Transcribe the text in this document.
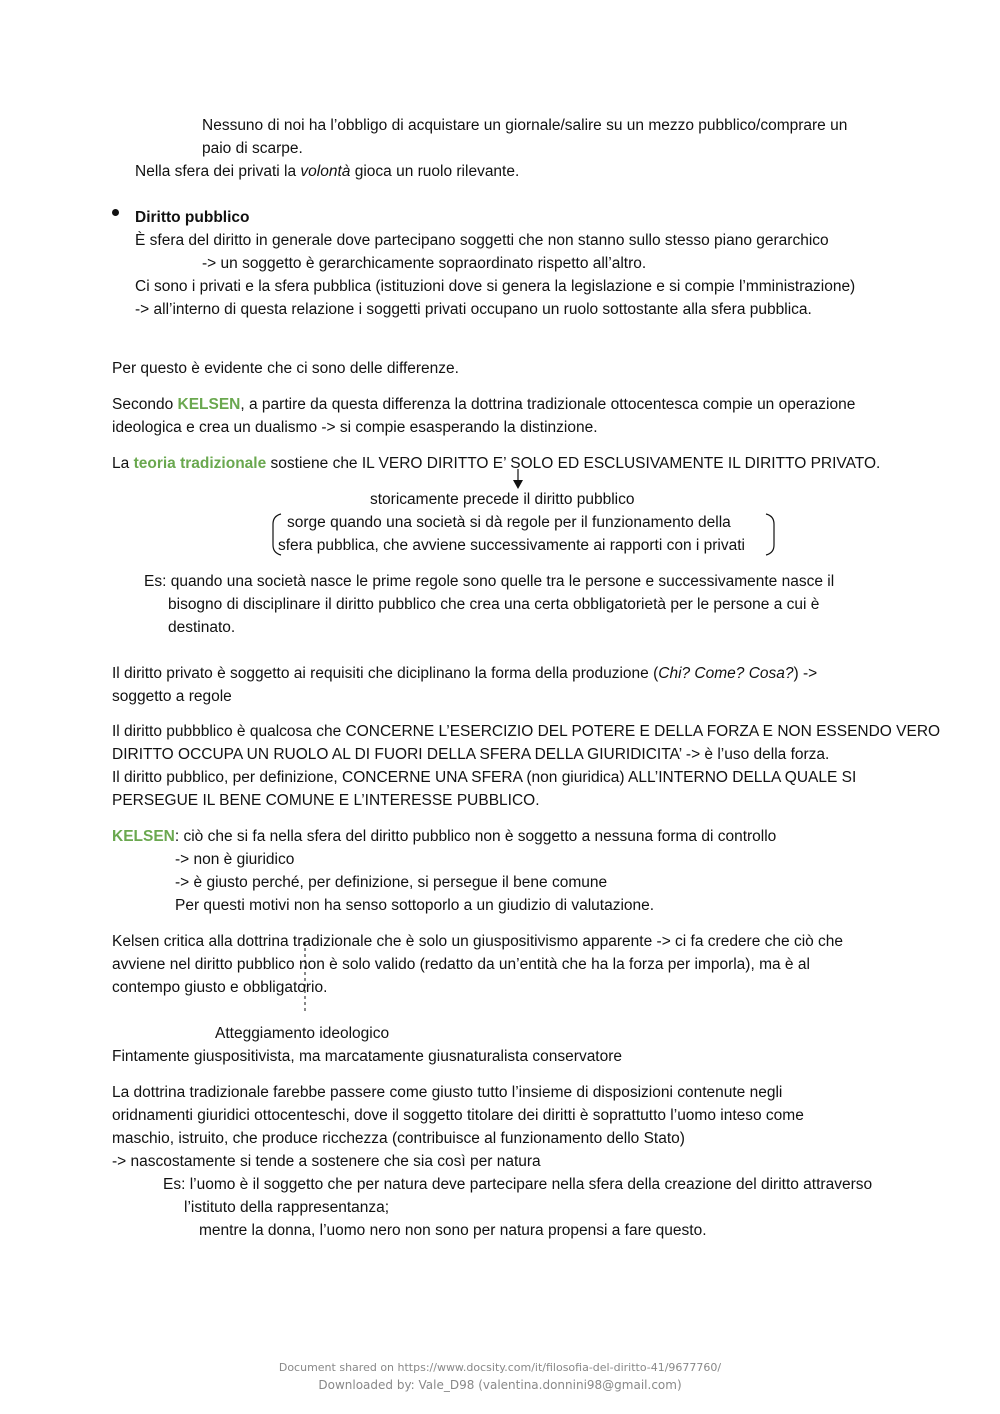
Nessuno di noi ha l’obbligo di acquistare un giornale/salire su un mezzo pubblico/comprare un
paio di scarpe.
Nella sfera dei privati la volontà gioca un ruolo rilevante.
Diritto pubblico
È sfera del diritto in generale dove partecipano soggetti che non stanno sullo stesso piano gerarchico
-> un soggetto è gerarchicamente sopraordinato rispetto all’altro.
Ci sono i privati e la sfera pubblica (istituzioni dove si genera la legislazione e si compie l’mministrazione)
-> all’interno di questa relazione i soggetti privati occupano un ruolo sottostante alla sfera pubblica.
Per questo è evidente che ci sono delle differenze.
Secondo KELSEN, a partire da questa differenza la dottrina tradizionale ottocentesca compie un operazione
ideologica e crea un dualismo -> si compie esasperando la distinzione.
La teoria tradizionale sostiene che IL VERO DIRITTO E’ SOLO ED ESCLUSIVAMENTE IL DIRITTO PRIVATO.
storicamente precede il diritto pubblico
sorge quando una società si dà regole per il funzionamento della
sfera pubblica, che avviene successivamente ai rapporti con i privati
Es: quando una società nasce le prime regole sono quelle tra le persone e successivamente nasce il
bisogno di disciplinare il diritto pubblico che crea una certa obbligatorietà per le persone a cui è
destinato.
Il diritto privato è soggetto ai requisiti che diciplinano la forma della produzione (Chi? Come? Cosa?) ->
soggetto a regole
Il diritto pubbblico è qualcosa che CONCERNE L’ESERCIZIO DEL POTERE E DELLA FORZA E NON ESSENDO VERO
DIRITTO OCCUPA UN RUOLO AL DI FUORI DELLA SFERA DELLA GIURIDICITA’ -> è l’uso della forza.
Il diritto pubblico, per definizione, CONCERNE UNA SFERA (non giuridica) ALL’INTERNO DELLA QUALE SI
PERSEGUE IL BENE COMUNE E L’INTERESSE PUBBLICO.
KELSEN: ciò che si fa nella sfera del diritto pubblico non è soggetto a nessuna forma di controllo
-> non è giuridico
-> è giusto perché, per definizione, si persegue il bene comune
Per questi motivi non ha senso sottoporlo a un giudizio di valutazione.
Kelsen critica alla dottrina tradizionale che è solo un giuspositivismo apparente -> ci fa credere che ciò che
avviene nel diritto pubblico non è solo valido (redatto da un’entità che ha la forza per imporla), ma è al
contempo giusto e obbligatorio.
Atteggiamento ideologico
Fintamente giuspositivista, ma marcatamente giusnaturalista conservatore
La dottrina tradizionale farebbe passere come giusto tutto l’insieme di disposizioni contenute negli
oridnamenti giuridici ottocenteschi, dove il soggetto titolare dei diritti è soprattutto l’uomo inteso come
maschio, istruito, che produce ricchezza (contribuisce al funzionamento dello Stato)
-> nascostamente si tende a sostenere che sia così per natura
Es: l’uomo è il soggetto che per natura deve partecipare nella sfera della creazione del diritto attraverso
l’istituto della rappresentanza;
mentre la donna, l’uomo nero non sono per natura propensi a fare questo.
Document shared on https://www.docsity.com/it/filosofia-del-diritto-41/9677760/
Downloaded by: Vale_D98 (valentina.donnini98@gmail.com)
